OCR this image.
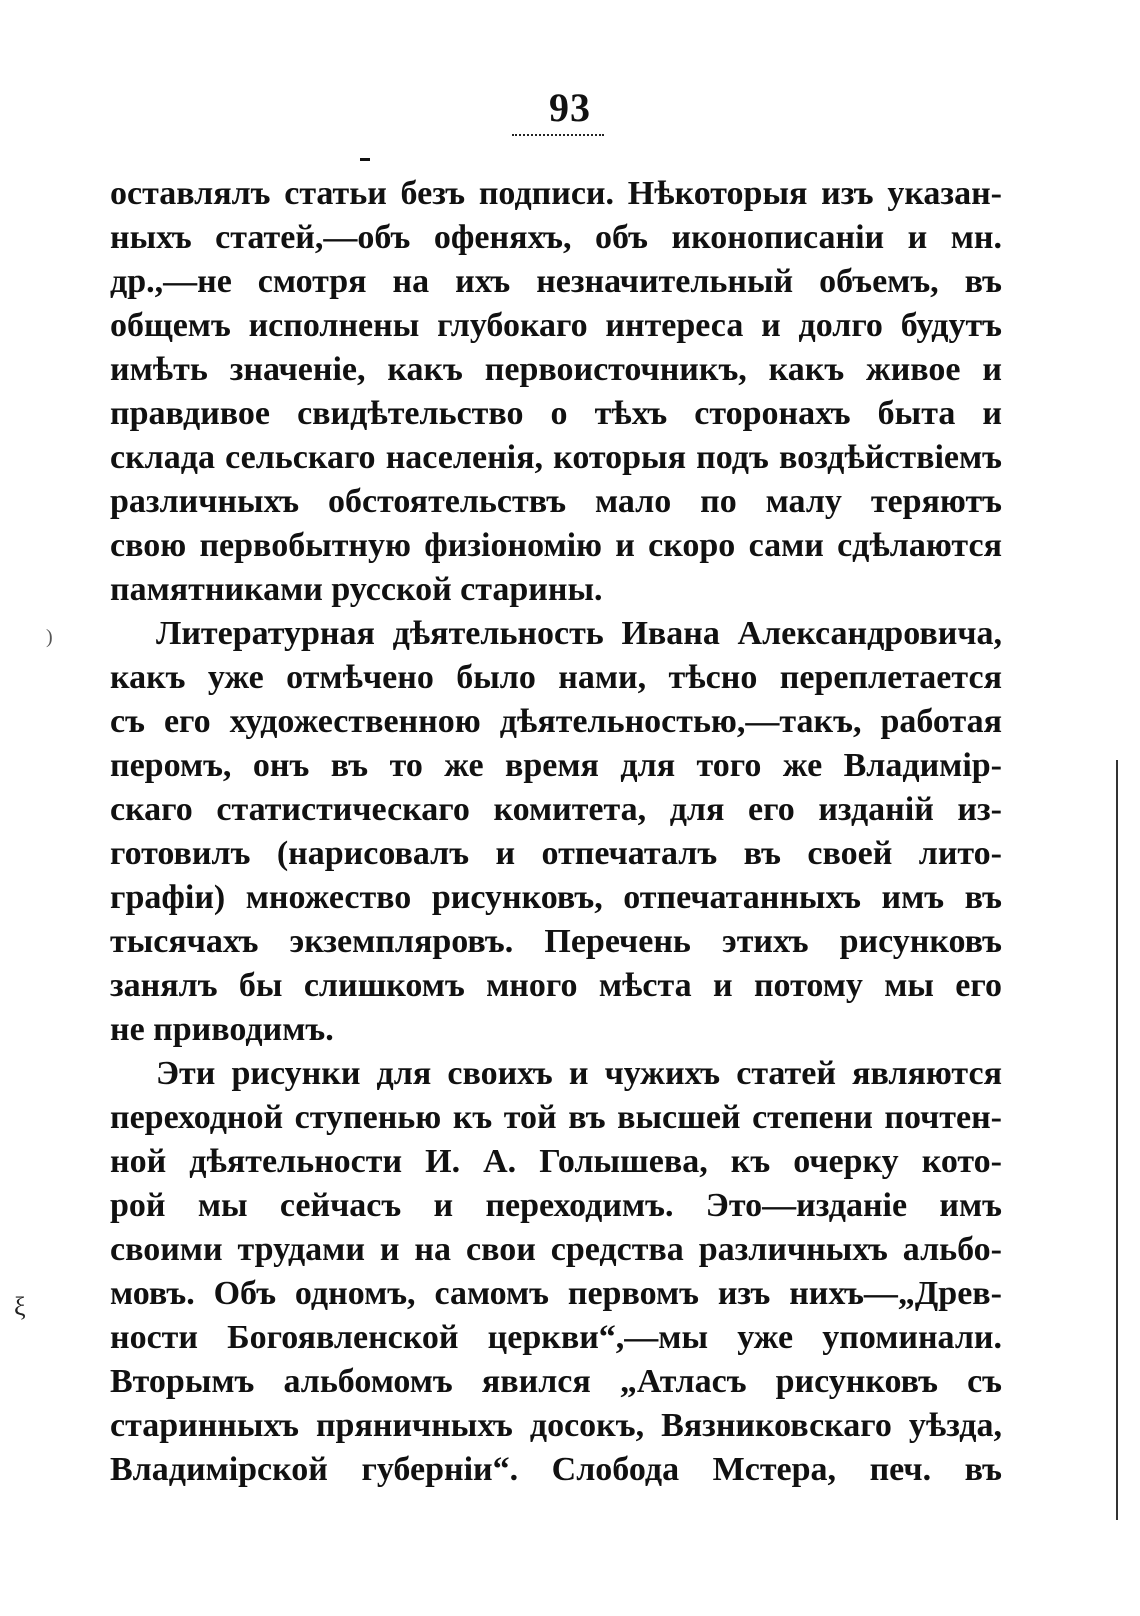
93
)
ξ
оставлялъ статьи безъ подписи. Нѣкоторыя изъ указан-
ныхъ статей,—объ офеняхъ, объ иконописаніи и мн.
др.,—не смотря на ихъ незначительный объемъ, въ
общемъ исполнены глубокаго интереса и долго будутъ
имѣть значеніе, какъ первоисточникъ, какъ живое и
правдивое свидѣтельство о тѣхъ сторонахъ быта и
склада сельскаго населенія, которыя подъ воздѣйствіемъ
различныхъ обстоятельствъ мало по малу теряютъ
свою первобытную физіономію и скоро сами сдѣлаются
памятниками русской старины.
Литературная дѣятельность Ивана Александровича,
какъ уже отмѣчено было нами, тѣсно переплетается
съ его художественною дѣятельностью,—такъ, работая
перомъ, онъ въ то же время для того же Владимір-
скаго статистическаго комитета, для его изданій из-
готовилъ (нарисовалъ и отпечаталъ въ своей лито-
графіи) множество рисунковъ, отпечатанныхъ имъ въ
тысячахъ экземпляровъ. Перечень этихъ рисунковъ
занялъ бы слишкомъ много мѣста и потому мы его
не приводимъ.
Эти рисунки для своихъ и чужихъ статей являются
переходной ступенью къ той въ высшей степени почтен-
ной дѣятельности И. А. Голышева, къ очерку кото-
рой мы сейчасъ и переходимъ. Это—изданіе имъ
своими трудами и на свои средства различныхъ альбо-
мовъ. Объ одномъ, самомъ первомъ изъ нихъ—„Древ-
ности Богоявленской церкви“,—мы уже упоминали.
Вторымъ альбомомъ явился „Атласъ рисунковъ съ
старинныхъ пряничныхъ досокъ, Вязниковскаго уѣзда,
Владимірской губерніи“. Слобода Мстера, печ. въ
